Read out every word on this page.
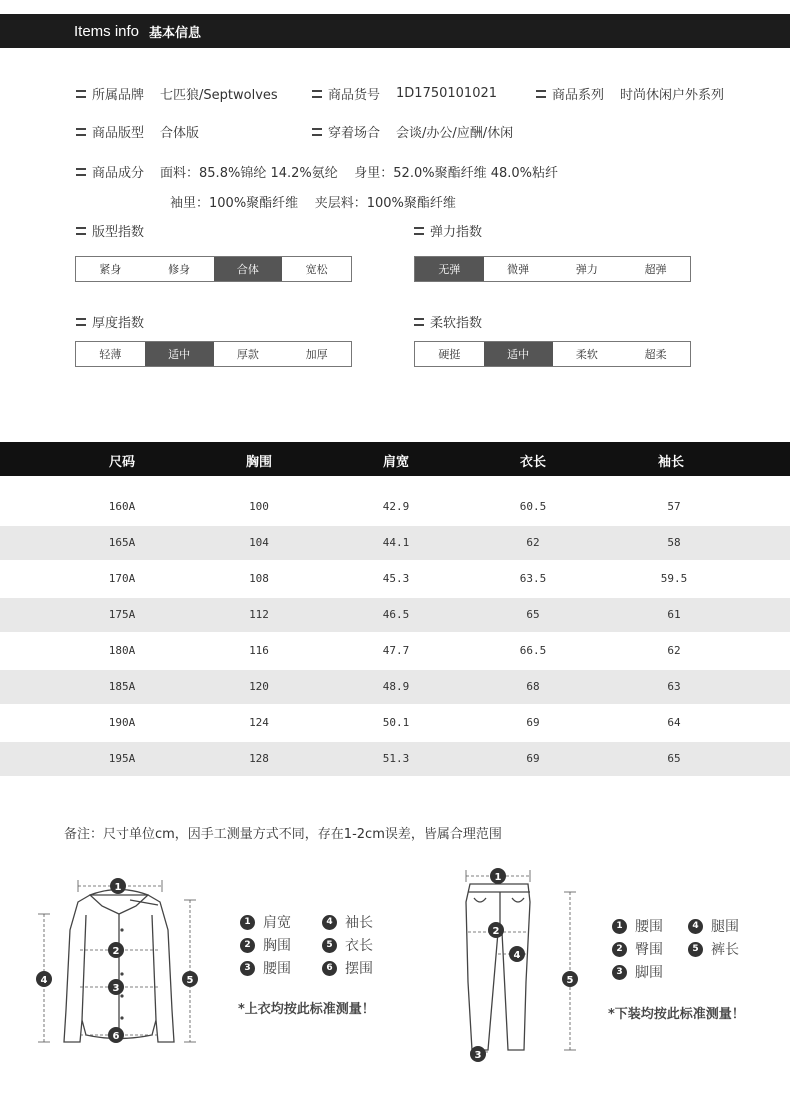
Items info 基本信息
所属品牌 七匹狼/Septwolves	商品货号 1D1750101021	商品系列 时尚休闲户外系列
商品版型 合体版	穿着场合 会谈/办公/应酬/休闲
商品成分 面料：85.8%锦纶 14.2%氨纶    身里：52.0%聚酯纤维 48.0%粘纤
袖里：100%聚酯纤维    夹层料：100%聚酯纤维
版型指数
紧身	修身	合体	宽松
弹力指数
无弹	微弹	弹力	超弹
厚度指数
轻薄	适中	厚款	加厚
柔软指数
硬挺	适中	柔软	超柔
尺码	胸围	肩宽	衣长	袖长
160A	100	42.9	60.5	57
165A	104	44.1	62	58
170A	108	45.3	63.5	59.5
175A	112	46.5	65	61
180A	116	47.7	66.5	62
185A	120	48.9	68	63
190A	124	50.1	69	64
195A	128	51.3	69	65
备注：尺寸单位cm，因手工测量方式不同，存在1-2cm误差，皆属合理范围
1
2
3
4	5
6
1 肩宽	4 袖长
2 胸围	5 衣长
3 腰围	6 摆围
*上衣均按此标准测量！
1
2
3
4
5
1 腰围	4 腿围
2 臀围	5 裤长
3 脚围
*下装均按此标准测量！
